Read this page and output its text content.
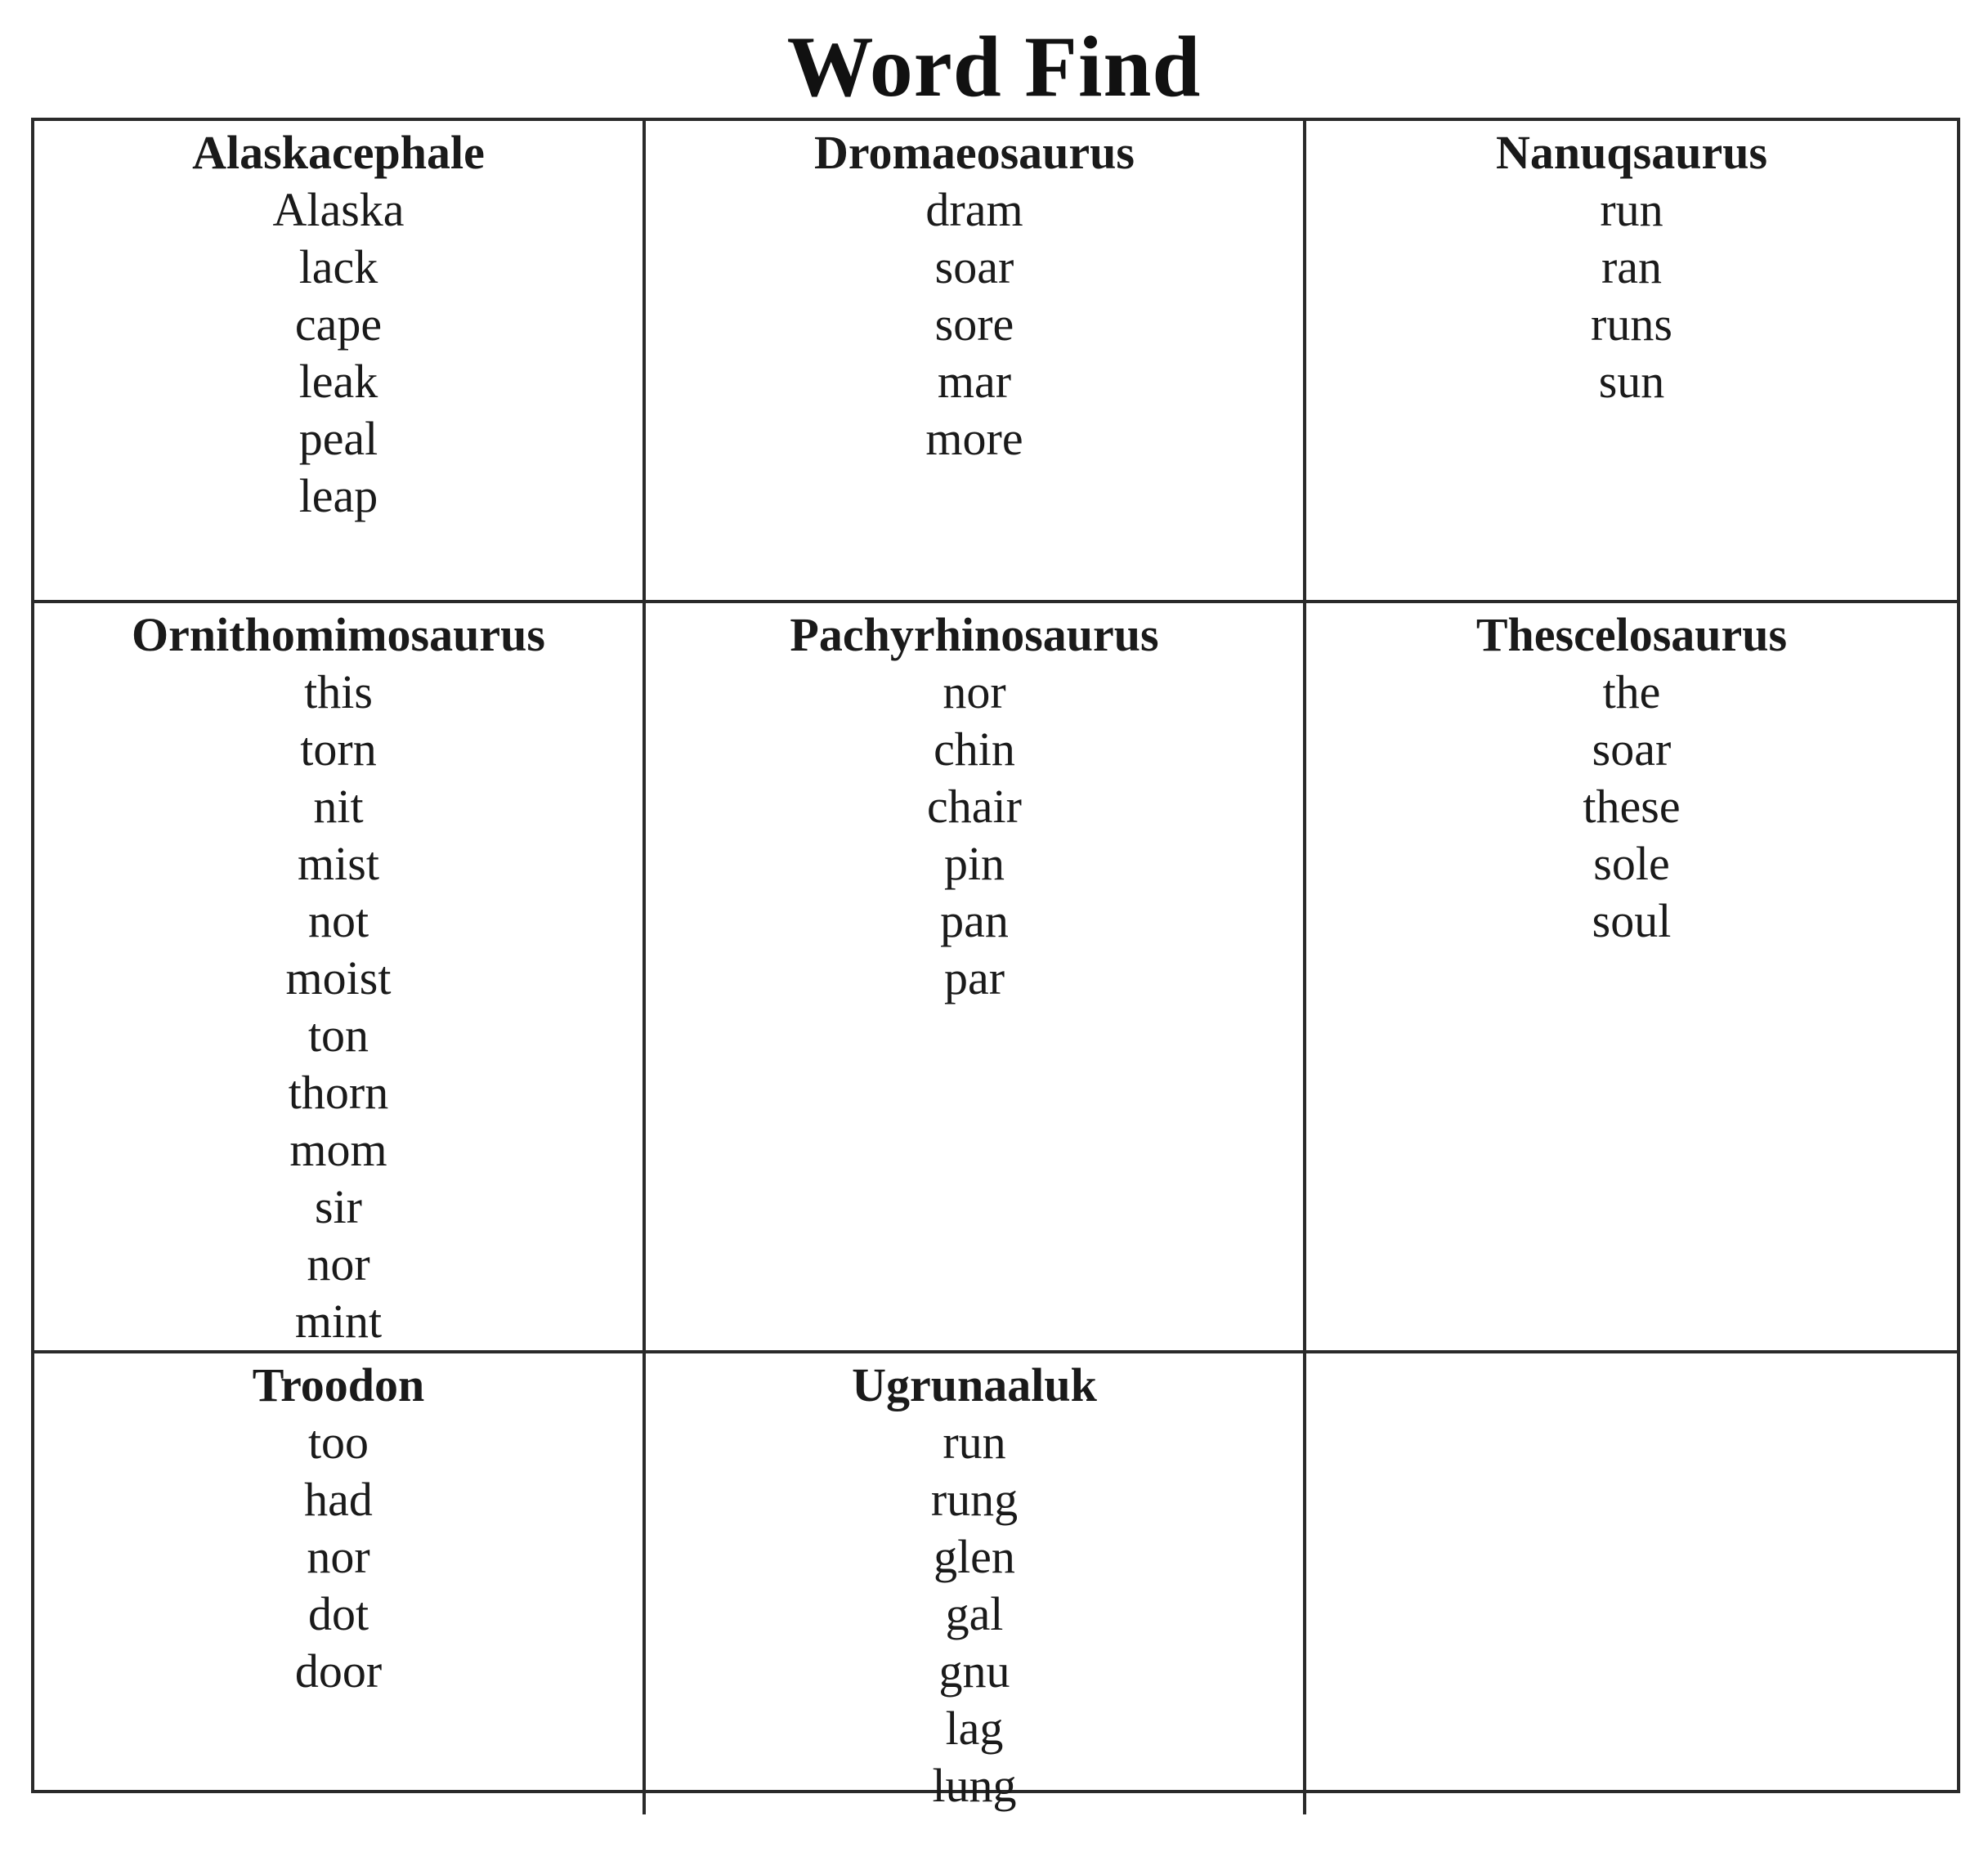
Word Find
Alaskacephale
Alaska
lack
cape
leak
peal
leap
Dromaeosaurus
dram
soar
sore
mar
more
Nanuqsaurus
run
ran
runs
sun
Ornithomimosaurus
this
torn
nit
mist
not
moist
ton
thorn
mom
sir
nor
mint
Pachyrhinosaurus
nor
chin
chair
pin
pan
par
Thescelosaurus
the
soar
these
sole
soul
Troodon
too
had
nor
dot
door
Ugrunaaluk
run
rung
glen
gal
gnu
lag
lung
